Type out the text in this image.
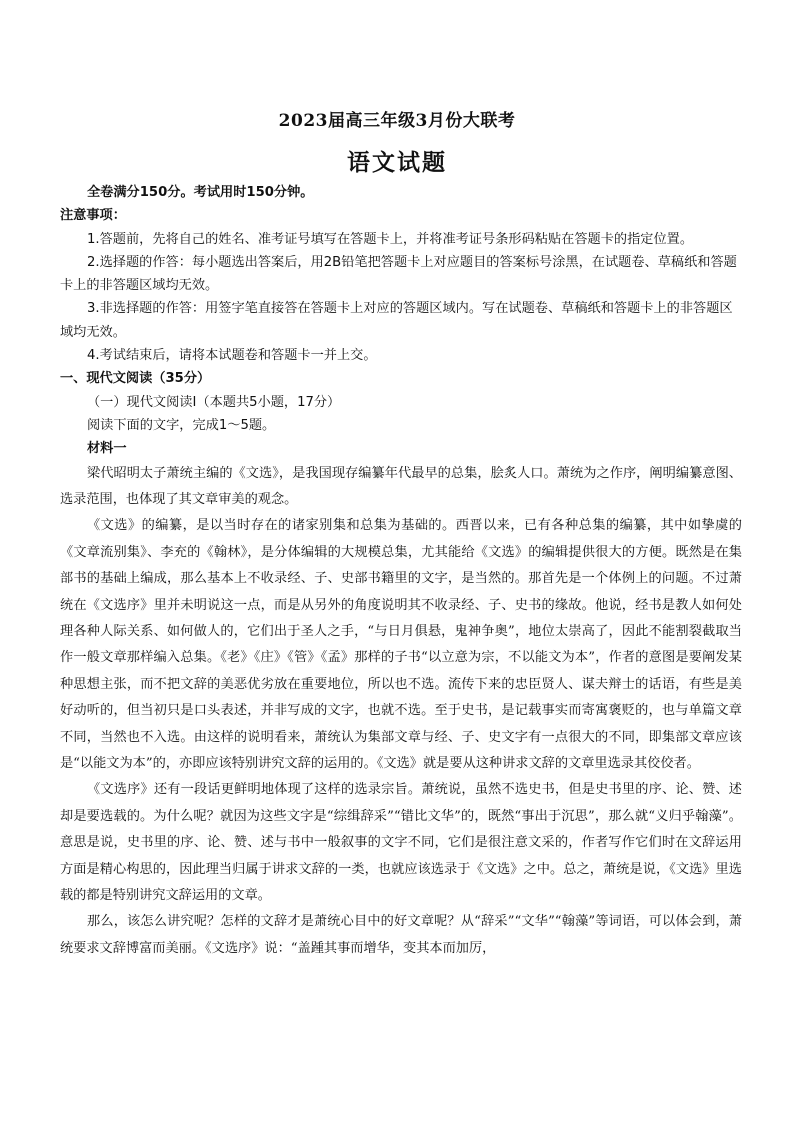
2023届高三年级3月份大联考
语文试题

全卷满分150分。考试用时150分钟。

注意事项：

1.答题前，先将自己的姓名、准考证号填写在答题卡上，并将准考证号条形码粘贴在答题卡的指定位置。

2.选择题的作答：每小题选出答案后，用2B铅笔把答题卡上对应题目的答案标号涂黑，在试题卷、草稿纸和答题卡上的非答题区域均无效。

3.非选择题的作答：用签字笔直接答在答题卡上对应的答题区域内。写在试题卷、草稿纸和答题卡上的非答题区域均无效。

4.考试结束后，请将本试题卷和答题卡一并上交。

一、现代文阅读（35分）

（一）现代文阅读Ⅰ（本题共5小题，17分）

阅读下面的文字，完成1～5题。

材料一

梁代昭明太子萧统主编的《文选》，是我国现存编纂年代最早的总集，脍炙人口。萧统为之作序，阐明编纂意图、选录范围，也体现了其文章审美的观念。

《文选》的编纂，是以当时存在的诸家别集和总集为基础的。西晋以来，已有各种总集的编纂，其中如挚虞的《文章流别集》、李充的《翰林》，是分体编辑的大规模总集，尤其能给《文选》的编辑提供很大的方便。既然是在集部书的基础上编成，那么基本上不收录经、子、史部书籍里的文字，是当然的。那首先是一个体例上的问题。不过萧统在《文选序》里并未明说这一点，而是从另外的角度说明其不收录经、子、史书的缘故。他说，经书是教人如何处理各种人际关系、如何做人的，它们出于圣人之手，“与日月俱悬，鬼神争奥”，地位太崇高了，因此不能割裂截取当作一般文章那样编入总集。《老》《庄》《管》《孟》那样的子书“以立意为宗，不以能文为本”，作者的意图是要阐发某种思想主张，而不把文辞的美恶优劣放在重要地位，所以也不选。流传下来的忠臣贤人、谋夫辩士的话语，有些是美好动听的，但当初只是口头表述，并非写成的文字，也就不选。至于史书，是记载事实而寄寓褒贬的，也与单篇文章不同，当然也不入选。由这样的说明看来，萧统认为集部文章与经、子、史文字有一点很大的不同，即集部文章应该是“以能文为本”的，亦即应该特别讲究文辞的运用的。《文选》就是要从这种讲求文辞的文章里选录其佼佼者。

《文选序》还有一段话更鲜明地体现了这样的选录宗旨。萧统说，虽然不选史书，但是史书里的序、论、赞、述却是要选载的。为什么呢？就因为这些文字是“综缉辞采”“错比文华”的，既然“事出于沉思”，那么就“义归乎翰藻”。意思是说，史书里的序、论、赞、述与书中一般叙事的文字不同，它们是很注意文采的，作者写作它们时在文辞运用方面是精心构思的，因此理当归属于讲求文辞的一类，也就应该选录于《文选》之中。总之，萧统是说，《文选》里选载的都是特别讲究文辞运用的文章。

那么，该怎么讲究呢？怎样的文辞才是萧统心目中的好文章呢？从“辞采”“文华”“翰藻”等词语，可以体会到，萧统要求文辞博富而美丽。《文选序》说：“盖踵其事而增华，变其本而加厉，
